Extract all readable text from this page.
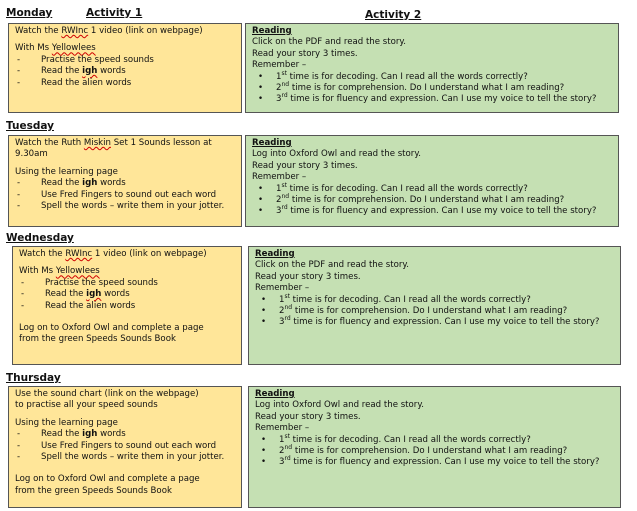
Monday	Activity 1	Activity 2
Watch the RWInc 1 video (link on webpage)
With Ms Yellowlees
- Practise the speed sounds
- Read the igh words
- Read the alien words
Reading
Click on the PDF and read the story.
Read your story 3 times.
Remember –
• 1st time is for decoding. Can I read all the words correctly?
• 2nd time is for comprehension. Do I understand what I am reading?
• 3rd time is for fluency and expression. Can I use my voice to tell the story?
Tuesday
Watch the Ruth Miskin Set 1 Sounds lesson at
9.30am
Using the learning page
- Read the igh words
- Use Fred Fingers to sound out each word
- Spell the words – write them in your jotter.
Reading
Log into Oxford Owl and read the story.
Read your story 3 times.
Remember –
• 1st time is for decoding. Can I read all the words correctly?
• 2nd time is for comprehension. Do I understand what I am reading?
• 3rd time is for fluency and expression. Can I use my voice to tell the story?
Wednesday
Watch the RWInc 1 video (link on webpage)
With Ms Yellowlees
- Practise the speed sounds
- Read the igh words
- Read the alien words
Log on to Oxford Owl and complete a page
from the green Speeds Sounds Book
Reading
Click on the PDF and read the story.
Read your story 3 times.
Remember –
• 1st time is for decoding. Can I read all the words correctly?
• 2nd time is for comprehension. Do I understand what I am reading?
• 3rd time is for fluency and expression. Can I use my voice to tell the story?
Thursday
Use the sound chart (link on the webpage)
to practise all your speed sounds
Using the learning page
- Read the igh words
- Use Fred Fingers to sound out each word
- Spell the words – write them in your jotter.
Log on to Oxford Owl and complete a page
from the green Speeds Sounds Book
Reading
Log into Oxford Owl and read the story.
Read your story 3 times.
Remember –
• 1st time is for decoding. Can I read all the words correctly?
• 2nd time is for comprehension. Do I understand what I am reading?
• 3rd time is for fluency and expression. Can I use my voice to tell the story?
